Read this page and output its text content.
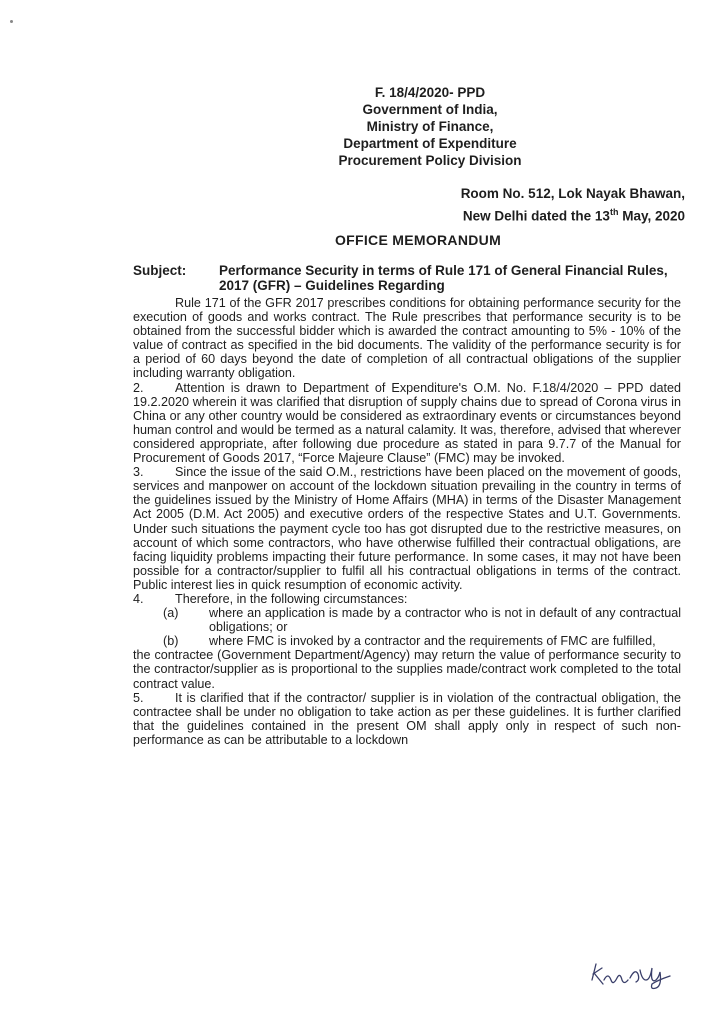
F. 18/4/2020- PPD
Government of India,
Ministry of Finance,
Department of Expenditure
Procurement Policy Division
Room No. 512, Lok Nayak Bhawan,
New Delhi dated the 13th May, 2020
OFFICE MEMORANDUM
Subject:	Performance Security in terms of Rule 171 of General Financial Rules, 2017 (GFR) – Guidelines Regarding

Rule 171 of the GFR 2017 prescribes conditions for obtaining performance security for the execution of goods and works contract. The Rule prescribes that performance security is to be obtained from the successful bidder which is awarded the contract amounting to 5% - 10% of the value of contract as specified in the bid documents. The validity of the performance security is for a period of 60 days beyond the date of completion of all contractual obligations of the supplier including warranty obligation.

2. Attention is drawn to Department of Expenditure's O.M. No. F.18/4/2020 – PPD dated 19.2.2020 wherein it was clarified that disruption of supply chains due to spread of Corona virus in China or any other country would be considered as extraordinary events or circumstances beyond human control and would be termed as a natural calamity. It was, therefore, advised that wherever considered appropriate, after following due procedure as stated in para 9.7.7 of the Manual for Procurement of Goods 2017, “Force Majeure Clause” (FMC) may be invoked.

3. Since the issue of the said O.M., restrictions have been placed on the movement of goods, services and manpower on account of the lockdown situation prevailing in the country in terms of the guidelines issued by the Ministry of Home Affairs (MHA) in terms of the Disaster Management Act 2005 (D.M. Act 2005) and executive orders of the respective States and U.T. Governments. Under such situations the payment cycle too has got disrupted due to the restrictive measures, on account of which some contractors, who have otherwise fulfilled their contractual obligations, are facing liquidity problems impacting their future performance. In some cases, it may not have been possible for a contractor/supplier to fulfil all his contractual obligations in terms of the contract. Public interest lies in quick resumption of economic activity.

4. Therefore, in the following circumstances:

(a)	where an application is made by a contractor who is not in default of any contractual obligations; or
(b)	where FMC is invoked by a contractor and the requirements of FMC are fulfilled,

the contractee (Government Department/Agency) may return the value of performance security to the contractor/supplier as is proportional to the supplies made/contract work completed to the total contract value.

5. It is clarified that if the contractor/ supplier is in violation of the contractual obligation, the contractee shall be under no obligation to take action as per these guidelines. It is further clarified that the guidelines contained in the present OM shall apply only in respect of such non-performance as can be attributable to a lockdown
